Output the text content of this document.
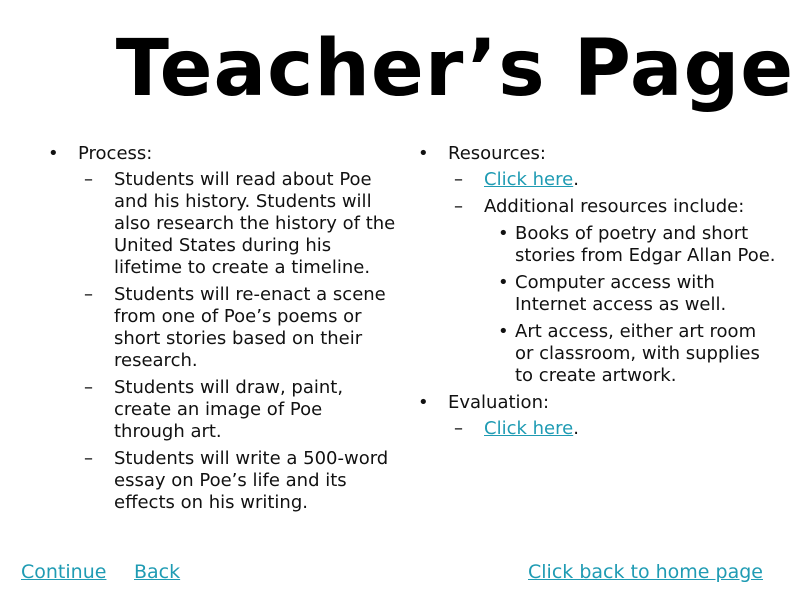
Teacher’s Page
• Process:
– Students will read about Poe and his history. Students will also research the history of the United States during his lifetime to create a timeline.
– Students will re-enact a scene from one of Poe’s poems or short stories based on their research.
– Students will draw, paint, create an image of Poe through art.
– Students will write a 500-word essay on Poe’s life and its effects on his writing.
• Resources:
– Click here.
– Additional resources include:
• Books of poetry and short stories from Edgar Allan Poe.
• Computer access with Internet access as well.
• Art access, either art room or classroom, with supplies to create artwork.
• Evaluation:
– Click here.
Continue Back	Click back to home page
